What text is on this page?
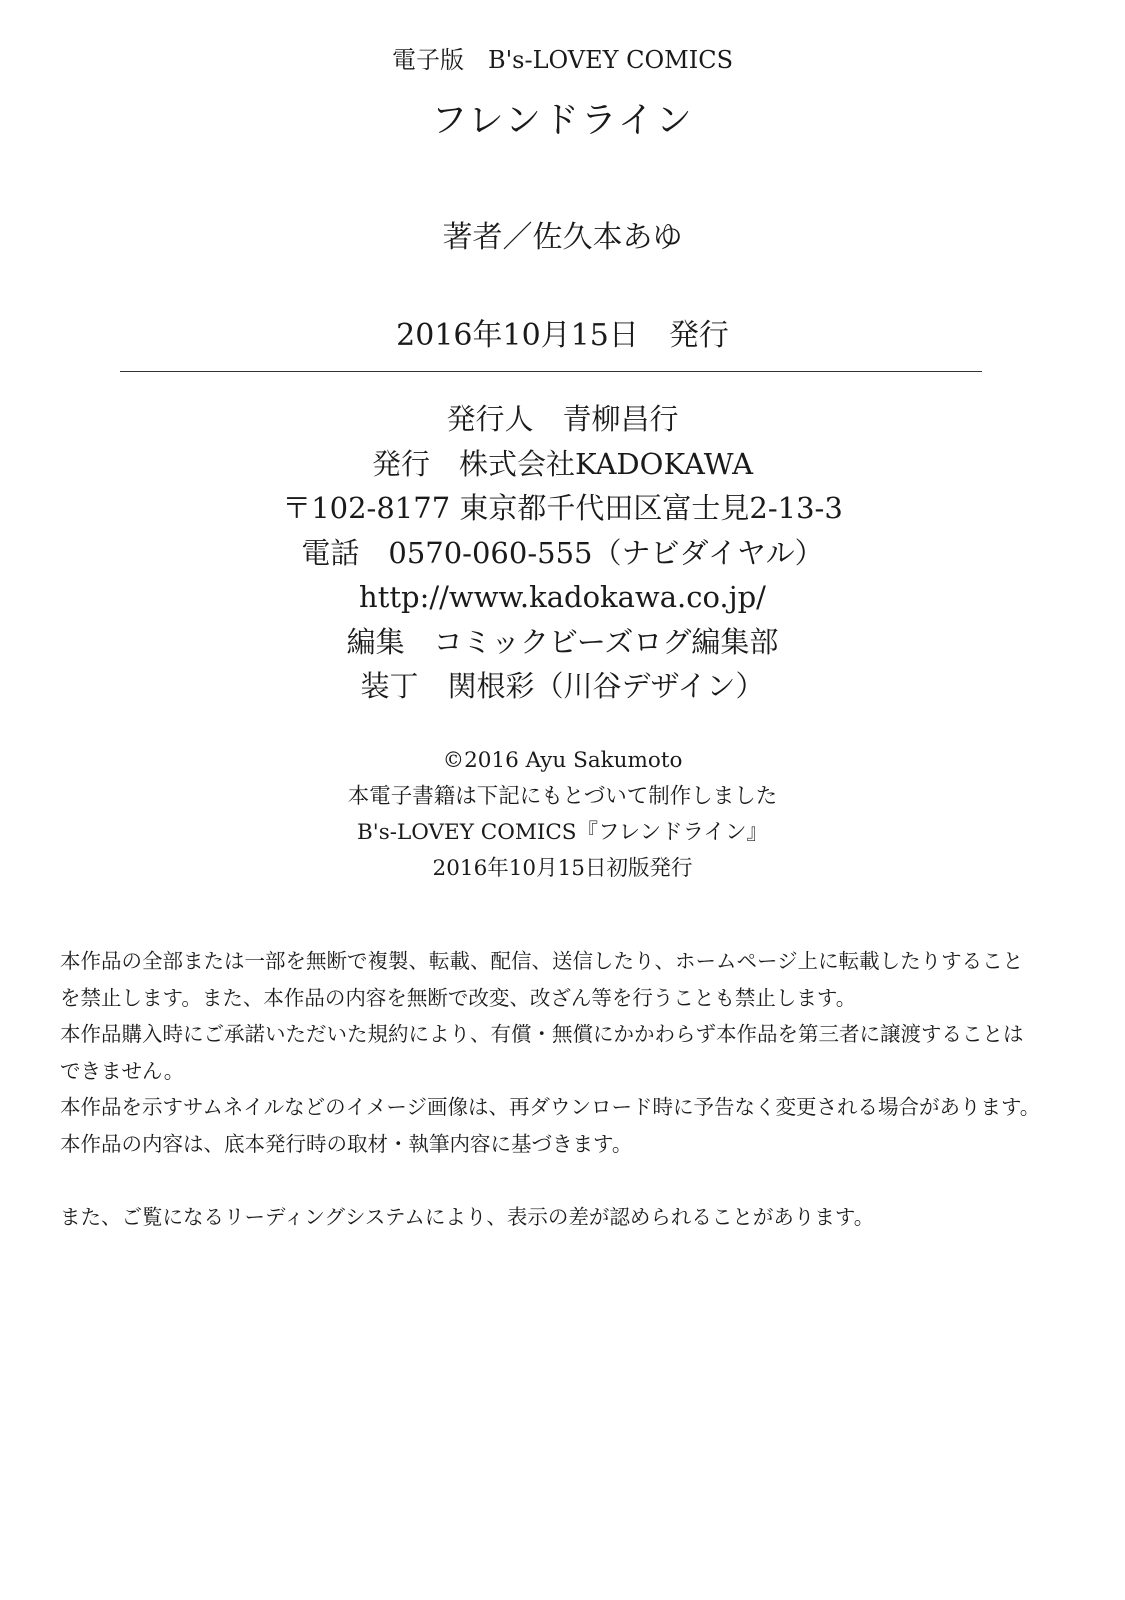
電子版　B's-LOVEY COMICS
フレンドライン
著者／佐久本あゆ
2016年10月15日　発行
発行人　青柳昌行
発行　株式会社KADOKAWA
〒102-8177 東京都千代田区富士見2-13-3
電話　0570-060-555（ナビダイヤル）
http://www.kadokawa.co.jp/
編集　コミックビーズログ編集部
装丁　関根彩（川谷デザイン）
©2016 Ayu Sakumoto
本電子書籍は下記にもとづいて制作しました
B's-LOVEY COMICS『フレンドライン』
2016年10月15日初版発行
本作品の全部または一部を無断で複製、転載、配信、送信したり、ホームページ上に転載したりすること
を禁止します。また、本作品の内容を無断で改変、改ざん等を行うことも禁止します。
本作品購入時にご承諾いただいた規約により、有償・無償にかかわらず本作品を第三者に譲渡することは
できません。
本作品を示すサムネイルなどのイメージ画像は、再ダウンロード時に予告なく変更される場合があります。
本作品の内容は、底本発行時の取材・執筆内容に基づきます。
また、ご覧になるリーディングシステムにより、表示の差が認められることがあります。
